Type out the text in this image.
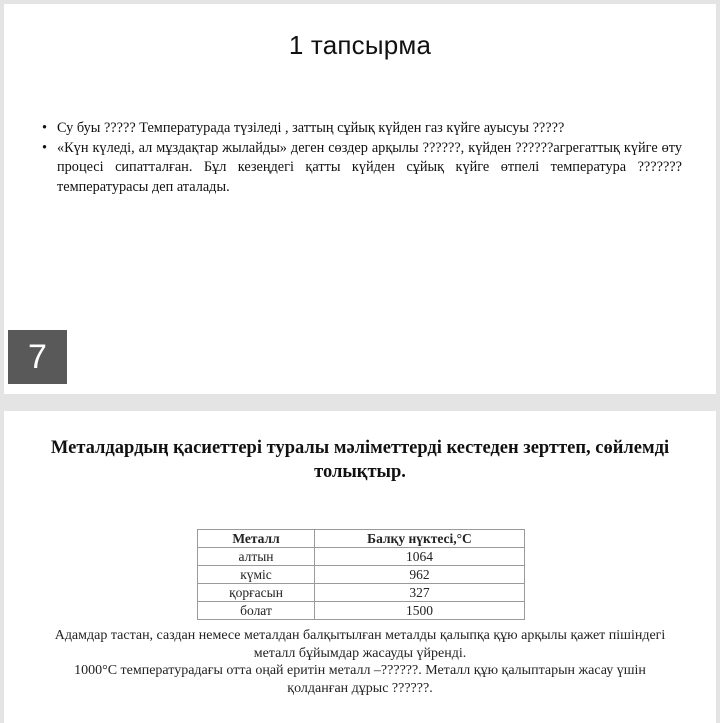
1 тапсырма
• Су буы ????? Температурада түзіледі , заттың сұйық күйден газ күйге ауысуы ?????
• «Күн күледі, ал мұздақтар жылайды» деген сөздер арқылы ??????, күйден ??????агрегаттық күйге өту процесі сипатталған. Бұл кезеңдегі қатты күйден сұйық күйге өтпелі температура ??????? температурасы деп аталады.
7
Металдардың қасиеттері туралы мәліметтерді кестеден зерттеп, сөйлемді толықтыр.
Металл	Балқу нүктесі,°С
алтын	1064
күміс	962
қорғасын	327
болат	1500
Адамдар тастан, саздан немесе металдан балқытылған металды қалыпқа құю арқылы қажет пішіндегі металл бұйымдар жасауды үйренді.
1000°С температурадағы отта оңай еритін металл –??????. Металл құю қалыптарын жасау үшін қолданған дұрыс ??????.
